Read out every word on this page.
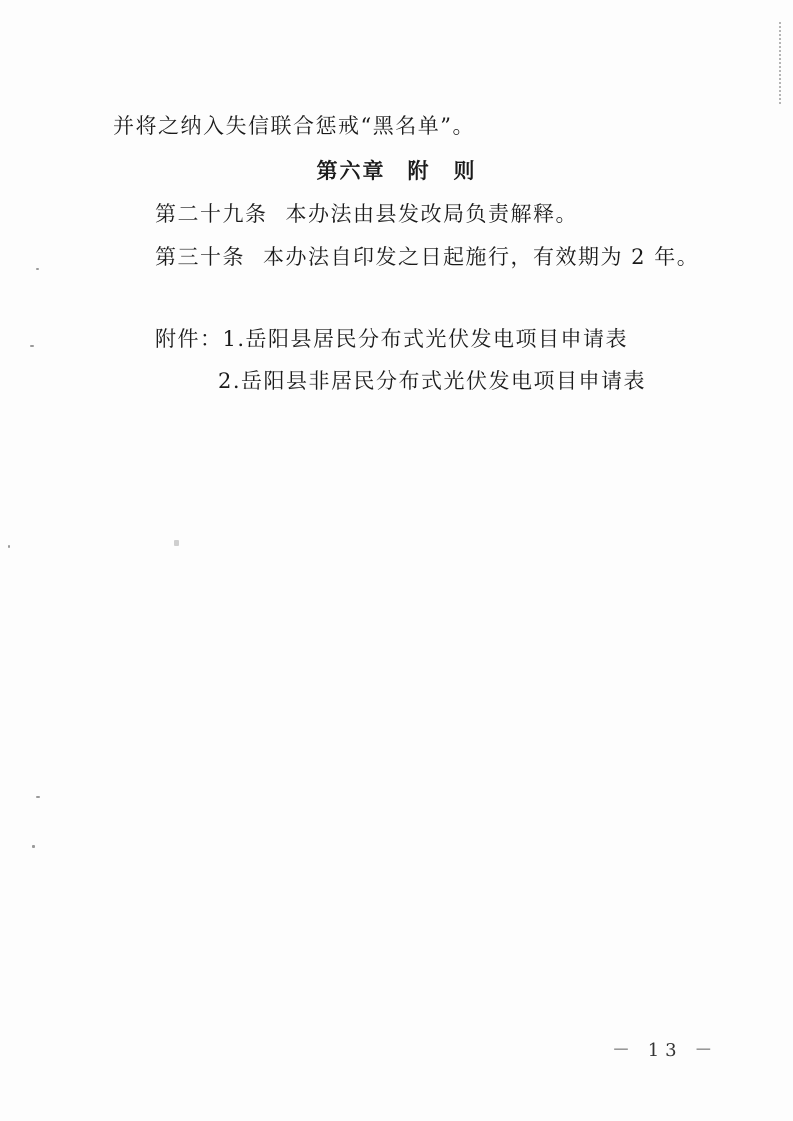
并将之纳入失信联合惩戒“黑名单”。
第六章 附　则
第二十九条 本办法由县发改局负责解释。
第三十条 本办法自印发之日起施行，有效期为 2 年。
附件：1.岳阳县居民分布式光伏发电项目申请表
2.岳阳县非居民分布式光伏发电项目申请表
－ 13 －
